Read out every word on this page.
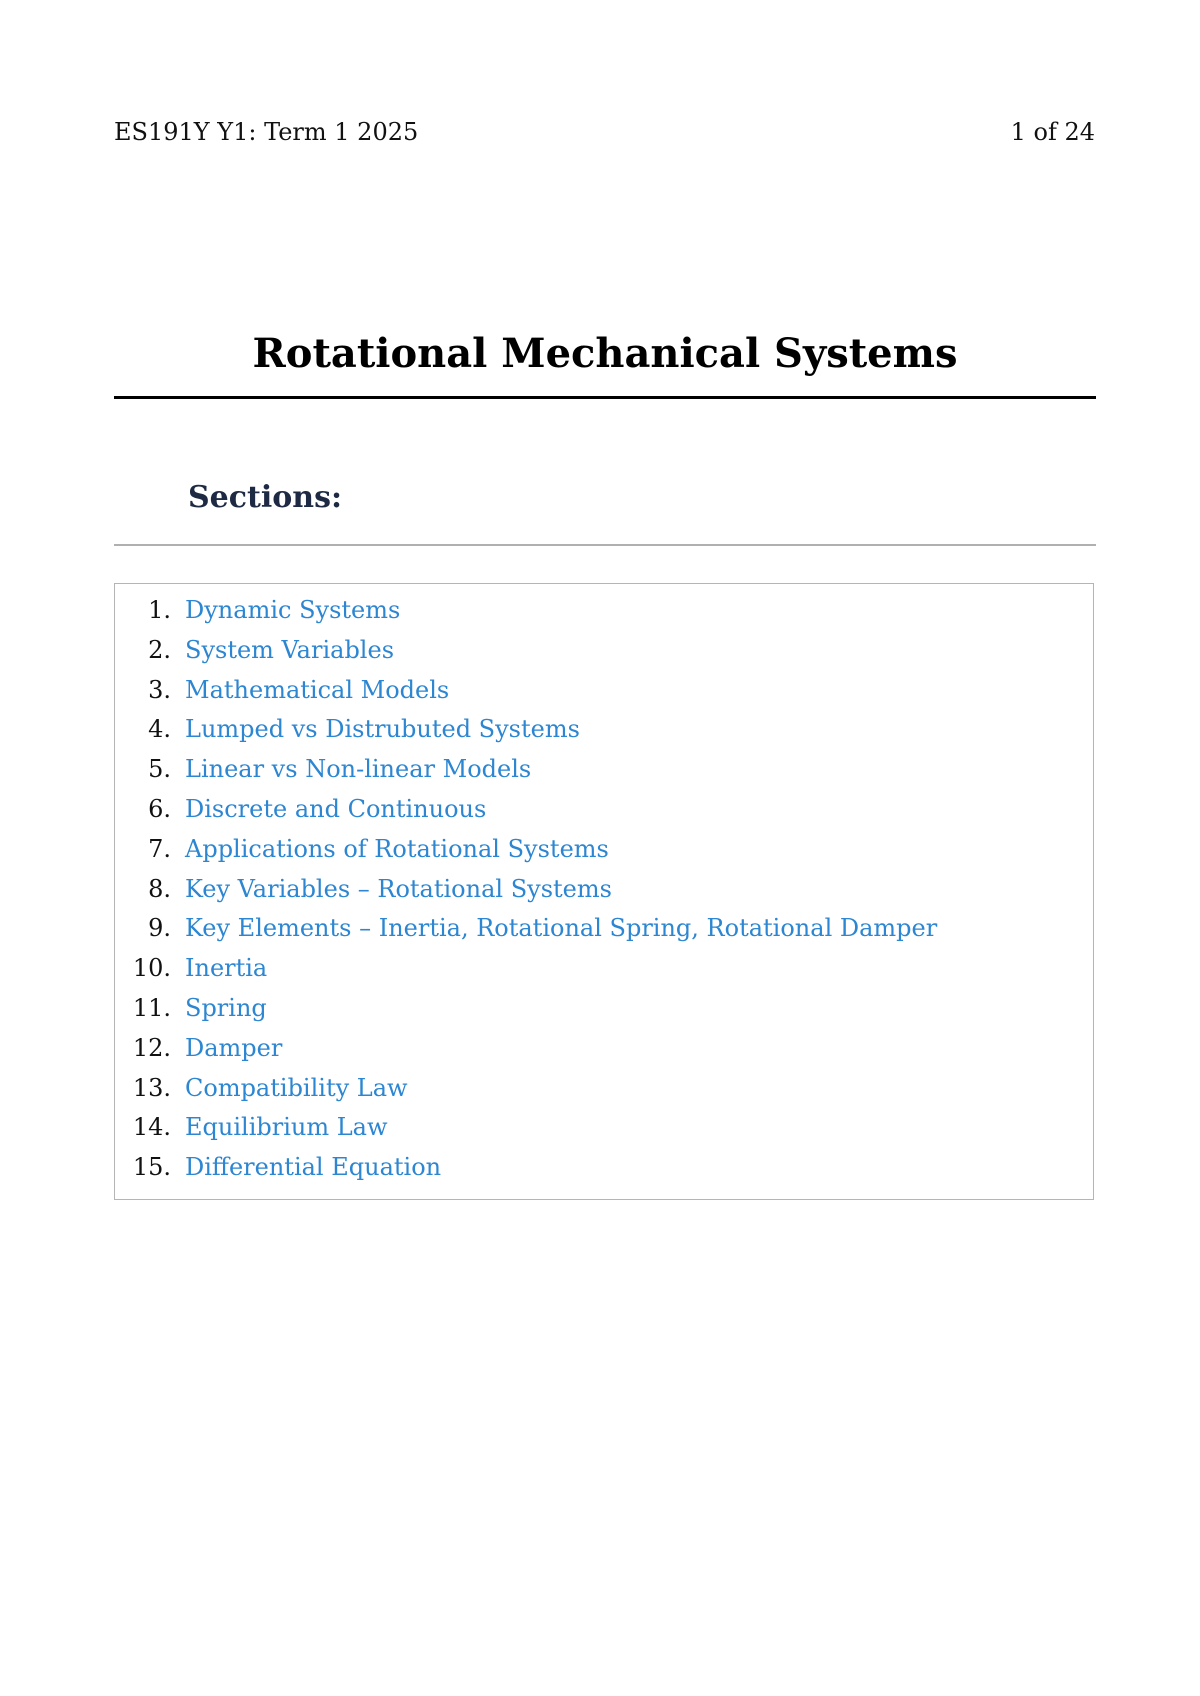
ES191Y Y1: Term 1 2025	1 of 24
Rotational Mechanical Systems
Sections:
1. Dynamic Systems
2. System Variables
3. Mathematical Models
4. Lumped vs Distrubuted Systems
5. Linear vs Non-linear Models
6. Discrete and Continuous
7. Applications of Rotational Systems
8. Key Variables – Rotational Systems
9. Key Elements – Inertia, Rotational Spring, Rotational Damper
10. Inertia
11. Spring
12. Damper
13. Compatibility Law
14. Equilibrium Law
15. Differential Equation
